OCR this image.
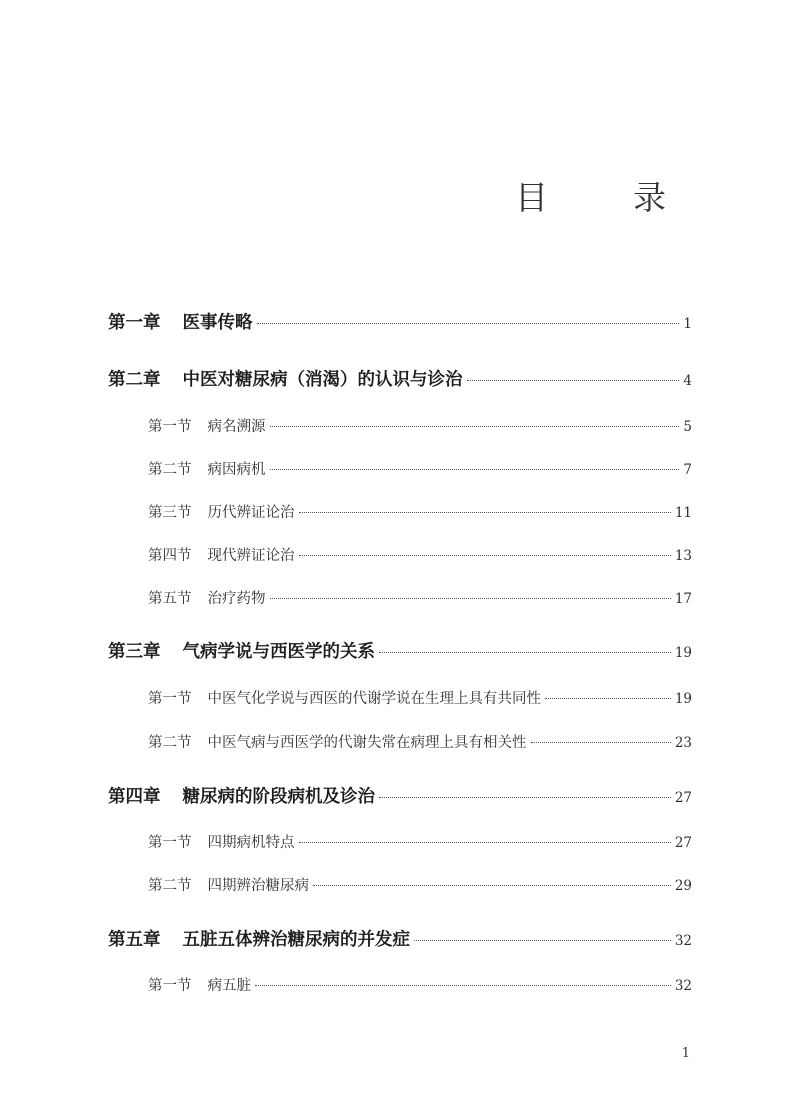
目　录
第一章 医事传略	1
第二章 中医对糖尿病（消渴）的认识与诊治	4
第一节 病名溯源	5
第二节 病因病机	7
第三节 历代辨证论治	11
第四节 现代辨证论治	13
第五节 治疗药物	17
第三章 气病学说与西医学的关系	19
第一节 中医气化学说与西医的代谢学说在生理上具有共同性	19
第二节 中医气病与西医学的代谢失常在病理上具有相关性	23
第四章 糖尿病的阶段病机及诊治	27
第一节 四期病机特点	27
第二节 四期辨治糖尿病	29
第五章 五脏五体辨治糖尿病的并发症	32
第一节 病五脏	32
1
